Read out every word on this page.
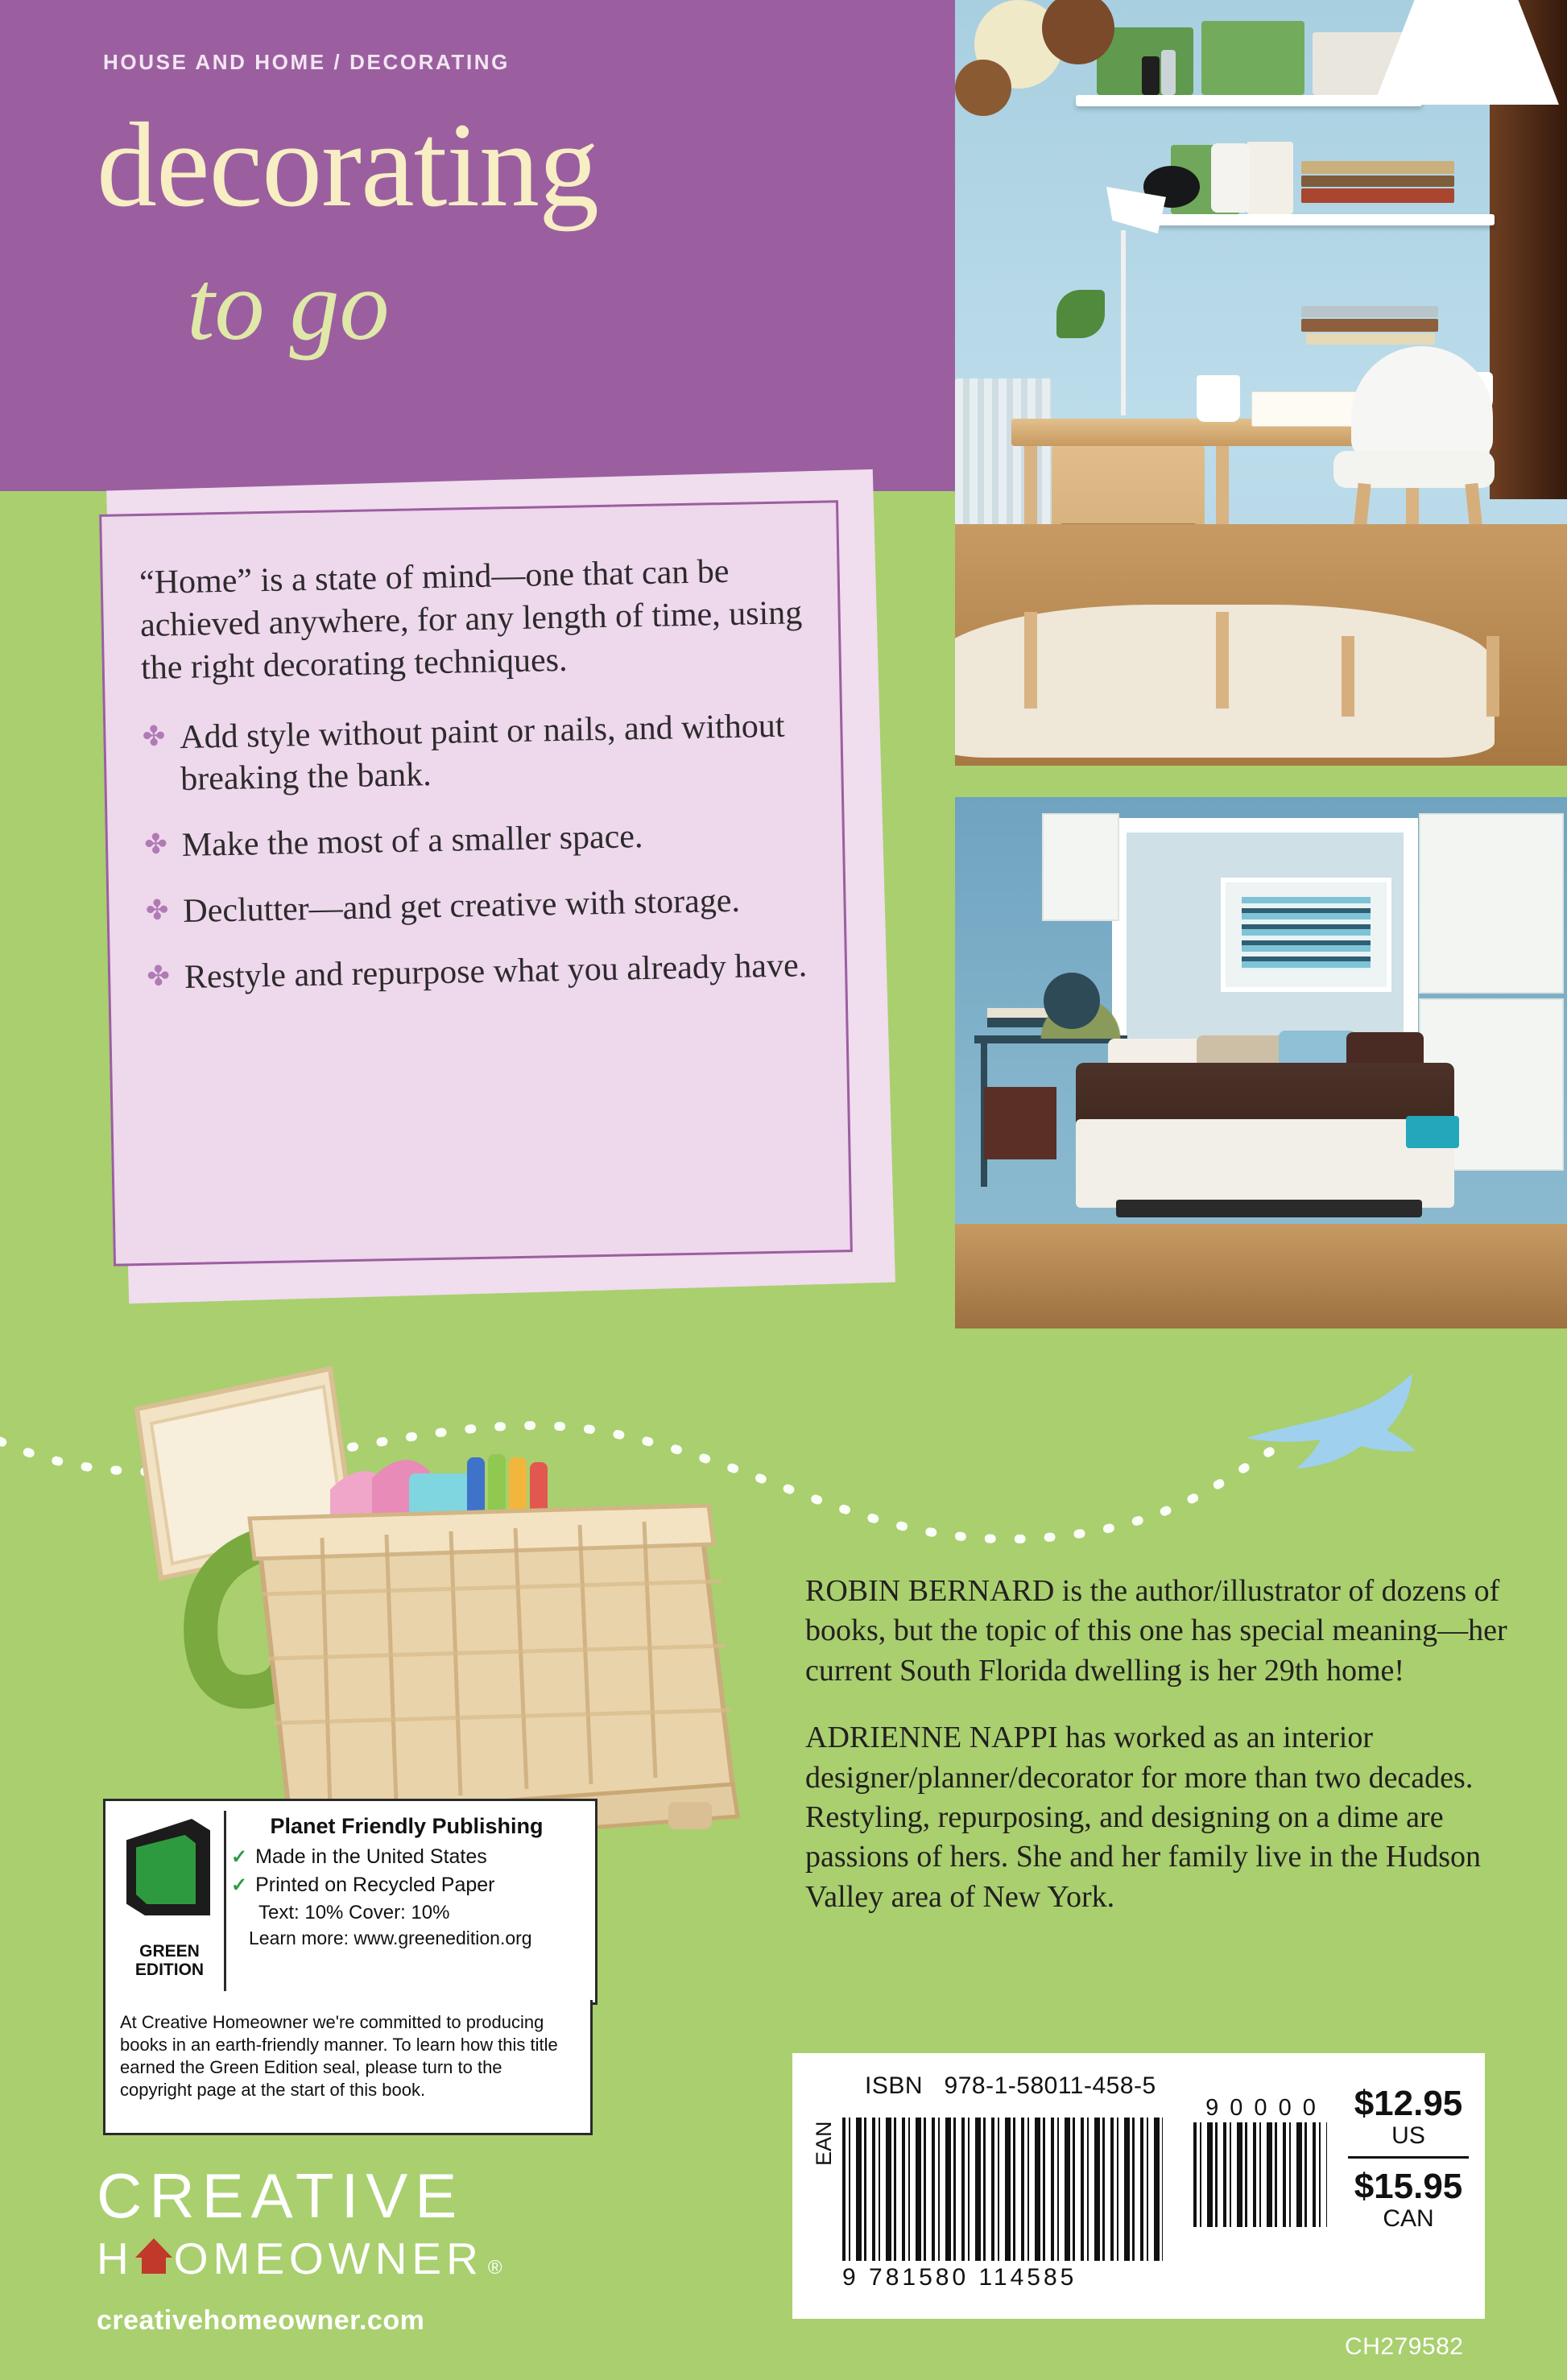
HOUSE AND HOME / DECORATING
decorating
to go

“Home” is a state of mind—one that can be achieved anywhere, for any length of time, using the right decorating techniques.

✤ Add style without paint or nails, and without breaking the bank.
✤ Make the most of a smaller space.
✤ Declutter—and get creative with storage.
✤ Restyle and repurpose what you already have.

ROBIN BERNARD is the author/illustrator of dozens of books, but the topic of this one has special meaning—her current South Florida dwelling is her 29th home!

ADRIENNE NAPPI has worked as an interior designer/planner/decorator for more than two decades. Restyling, repurposing, and designing on a dime are passions of hers. She and her family live in the Hudson Valley area of New York.

GREEN
EDITION
Planet Friendly Publishing
✓ Made in the United States
✓ Printed on Recycled Paper
Text: 10% Cover: 10%
Learn more: www.greenedition.org
At Creative Homeowner we're committed to producing books in an earth-friendly manner. To learn how this title earned the Green Edition seal, please turn to the copyright page at the start of this book.
CREATIVE
H OMEOWNER ®
creativehomeowner.com
ISBN 978-1-58011-458-5
EAN
9 781580 114585
9 0 0 0 0	$12.95
US
$15.95
CAN
CH279582
